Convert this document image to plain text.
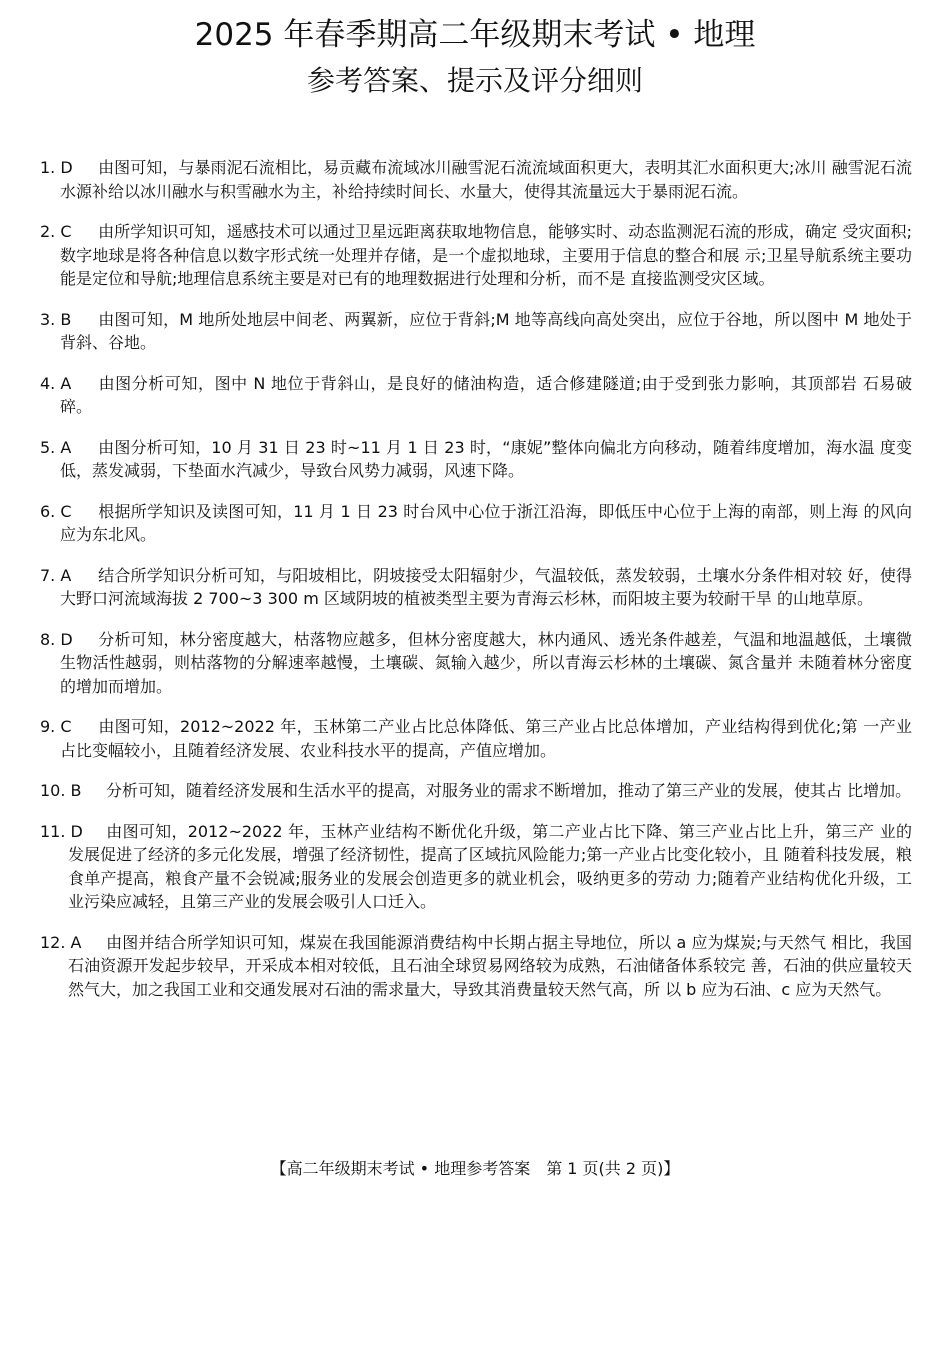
2025 年春季期高二年级期末考试 • 地理
参考答案、提示及评分细则
1. D 由图可知，与暴雨泥石流相比，易贡藏布流域冰川融雪泥石流流域面积更大，表明其汇水面积更大;冰川 融雪泥石流水源补给以冰川融水与积雪融水为主，补给持续时间长、水量大，使得其流量远大于暴雨泥石流。
2. C 由所学知识可知，遥感技术可以通过卫星远距离获取地物信息，能够实时、动态监测泥石流的形成，确定 受灾面积;数字地球是将各种信息以数字形式统一处理并存储，是一个虚拟地球，主要用于信息的整合和展 示;卫星导航系统主要功能是定位和导航;地理信息系统主要是对已有的地理数据进行处理和分析，而不是 直接监测受灾区域。
3. B 由图可知，M 地所处地层中间老、两翼新，应位于背斜;M 地等高线向高处突出，应位于谷地，所以图中 M 地处于背斜、谷地。
4. A 由图分析可知，图中 N 地位于背斜山，是良好的储油构造，适合修建隧道;由于受到张力影响，其顶部岩 石易破碎。
5. A 由图分析可知，10 月 31 日 23 时~11 月 1 日 23 时，“康妮”整体向偏北方向移动，随着纬度增加，海水温 度变低，蒸发减弱，下垫面水汽减少，导致台风势力减弱，风速下降。
6. C 根据所学知识及读图可知，11 月 1 日 23 时台风中心位于浙江沿海，即低压中心位于上海的南部，则上海 的风向应为东北风。
7. A 结合所学知识分析可知，与阳坡相比，阴坡接受太阳辐射少，气温较低，蒸发较弱，土壤水分条件相对较 好，使得大野口河流域海拔 2 700~3 300 m 区域阴坡的植被类型主要为青海云杉林，而阳坡主要为较耐干旱 的山地草原。
8. D 分析可知，林分密度越大，枯落物应越多，但林分密度越大，林内通风、透光条件越差，气温和地温越低，土壤微生物活性越弱，则枯落物的分解速率越慢，土壤碳、氮输入越少，所以青海云杉林的土壤碳、氮含量并 未随着林分密度的增加而增加。
9. C 由图可知，2012~2022 年，玉林第二产业占比总体降低、第三产业占比总体增加，产业结构得到优化;第 一产业占比变幅较小，且随着经济发展、农业科技水平的提高，产值应增加。
10. B 分析可知，随着经济发展和生活水平的提高，对服务业的需求不断增加，推动了第三产业的发展，使其占 比增加。
11. D 由图可知，2012~2022 年，玉林产业结构不断优化升级，第二产业占比下降、第三产业占比上升，第三产 业的发展促进了经济的多元化发展，增强了经济韧性，提高了区域抗风险能力;第一产业占比变化较小，且 随着科技发展，粮食单产提高，粮食产量不会锐减;服务业的发展会创造更多的就业机会，吸纳更多的劳动 力;随着产业结构优化升级，工业污染应减轻，且第三产业的发展会吸引人口迁入。
12. A 由图并结合所学知识可知，煤炭在我国能源消费结构中长期占据主导地位，所以 a 应为煤炭;与天然气 相比，我国石油资源开发起步较早，开采成本相对较低，且石油全球贸易网络较为成熟，石油储备体系较完 善，石油的供应量较天然气大，加之我国工业和交通发展对石油的需求量大，导致其消费量较天然气高，所 以 b 应为石油、c 应为天然气。
【高二年级期末考试 • 地理参考答案　第 1 页(共 2 页)】
